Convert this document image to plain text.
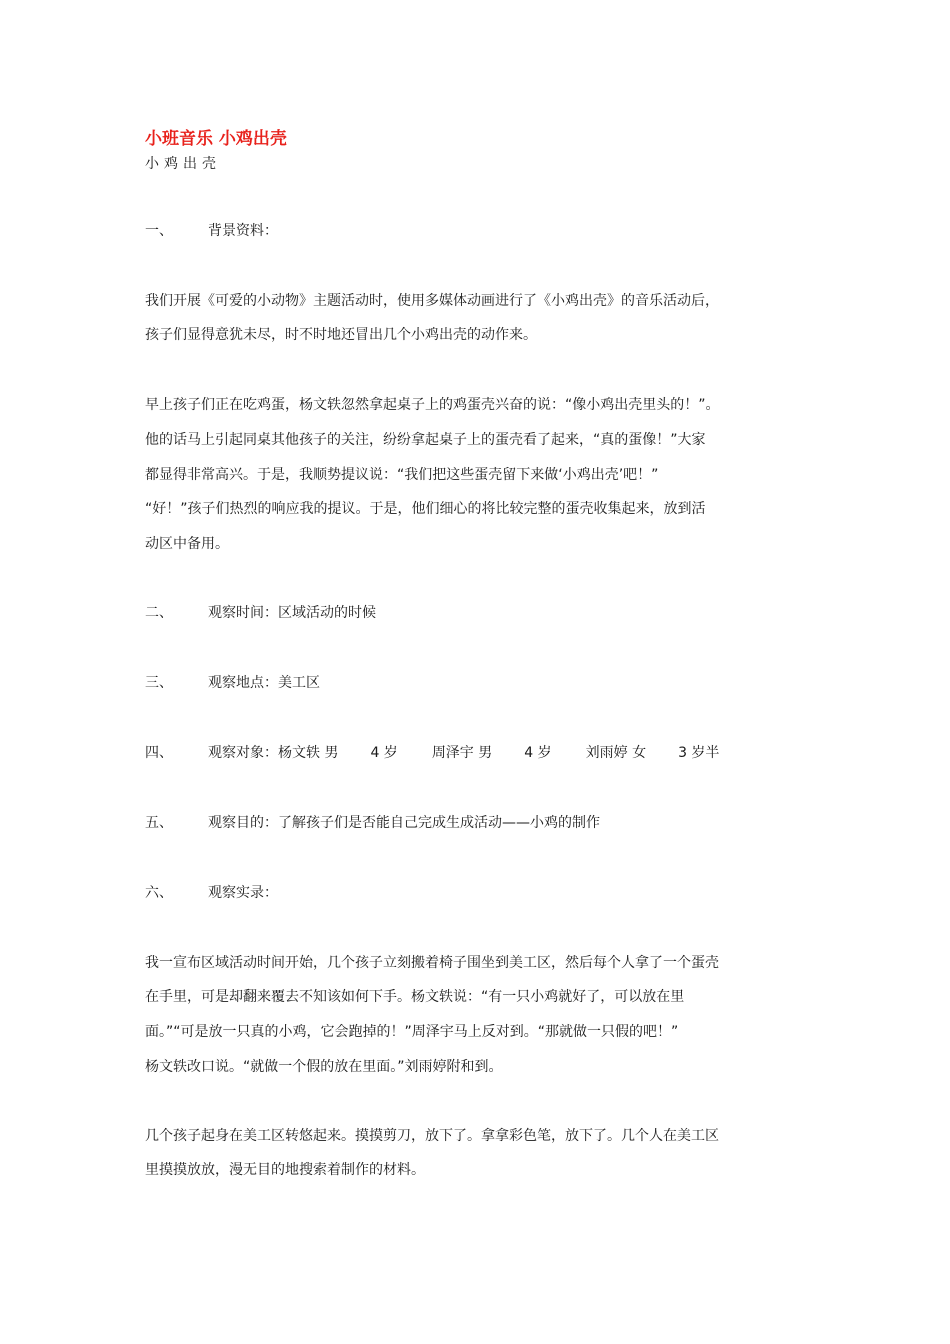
小班音乐 小鸡出壳
小鸡出壳
一、	背景资料：
我们开展《可爱的小动物》主题活动时，使用多媒体动画进行了《小鸡出壳》的音乐活动后，
孩子们显得意犹未尽，时不时地还冒出几个小鸡出壳的动作来。
早上孩子们正在吃鸡蛋，杨文轶忽然拿起桌子上的鸡蛋壳兴奋的说：“像小鸡出壳里头的！”。
他的话马上引起同桌其他孩子的关注，纷纷拿起桌子上的蛋壳看了起来，“真的蛋像！”大家
都显得非常高兴。于是，我顺势提议说：“我们把这些蛋壳留下来做‘小鸡出壳’吧！”
“好！”孩子们热烈的响应我的提议。于是，他们细心的将比较完整的蛋壳收集起来，放到活
动区中备用。
二、	观察时间：区域活动的时候
三、	观察地点：美工区
四、	观察对象：杨文轶 男 4 岁 周泽宇 男 4 岁 刘雨婷 女 3 岁半
五、	观察目的：了解孩子们是否能自己完成生成活动——小鸡的制作
六、	观察实录：
我一宣布区域活动时间开始，几个孩子立刻搬着椅子围坐到美工区，然后每个人拿了一个蛋壳
在手里，可是却翻来覆去不知该如何下手。杨文轶说：“有一只小鸡就好了，可以放在里
面。”“可是放一只真的小鸡，它会跑掉的！”周泽宇马上反对到。“那就做一只假的吧！”
杨文轶改口说。“就做一个假的放在里面。”刘雨婷附和到。
几个孩子起身在美工区转悠起来。摸摸剪刀，放下了。拿拿彩色笔，放下了。几个人在美工区
里摸摸放放，漫无目的地搜索着制作的材料。
